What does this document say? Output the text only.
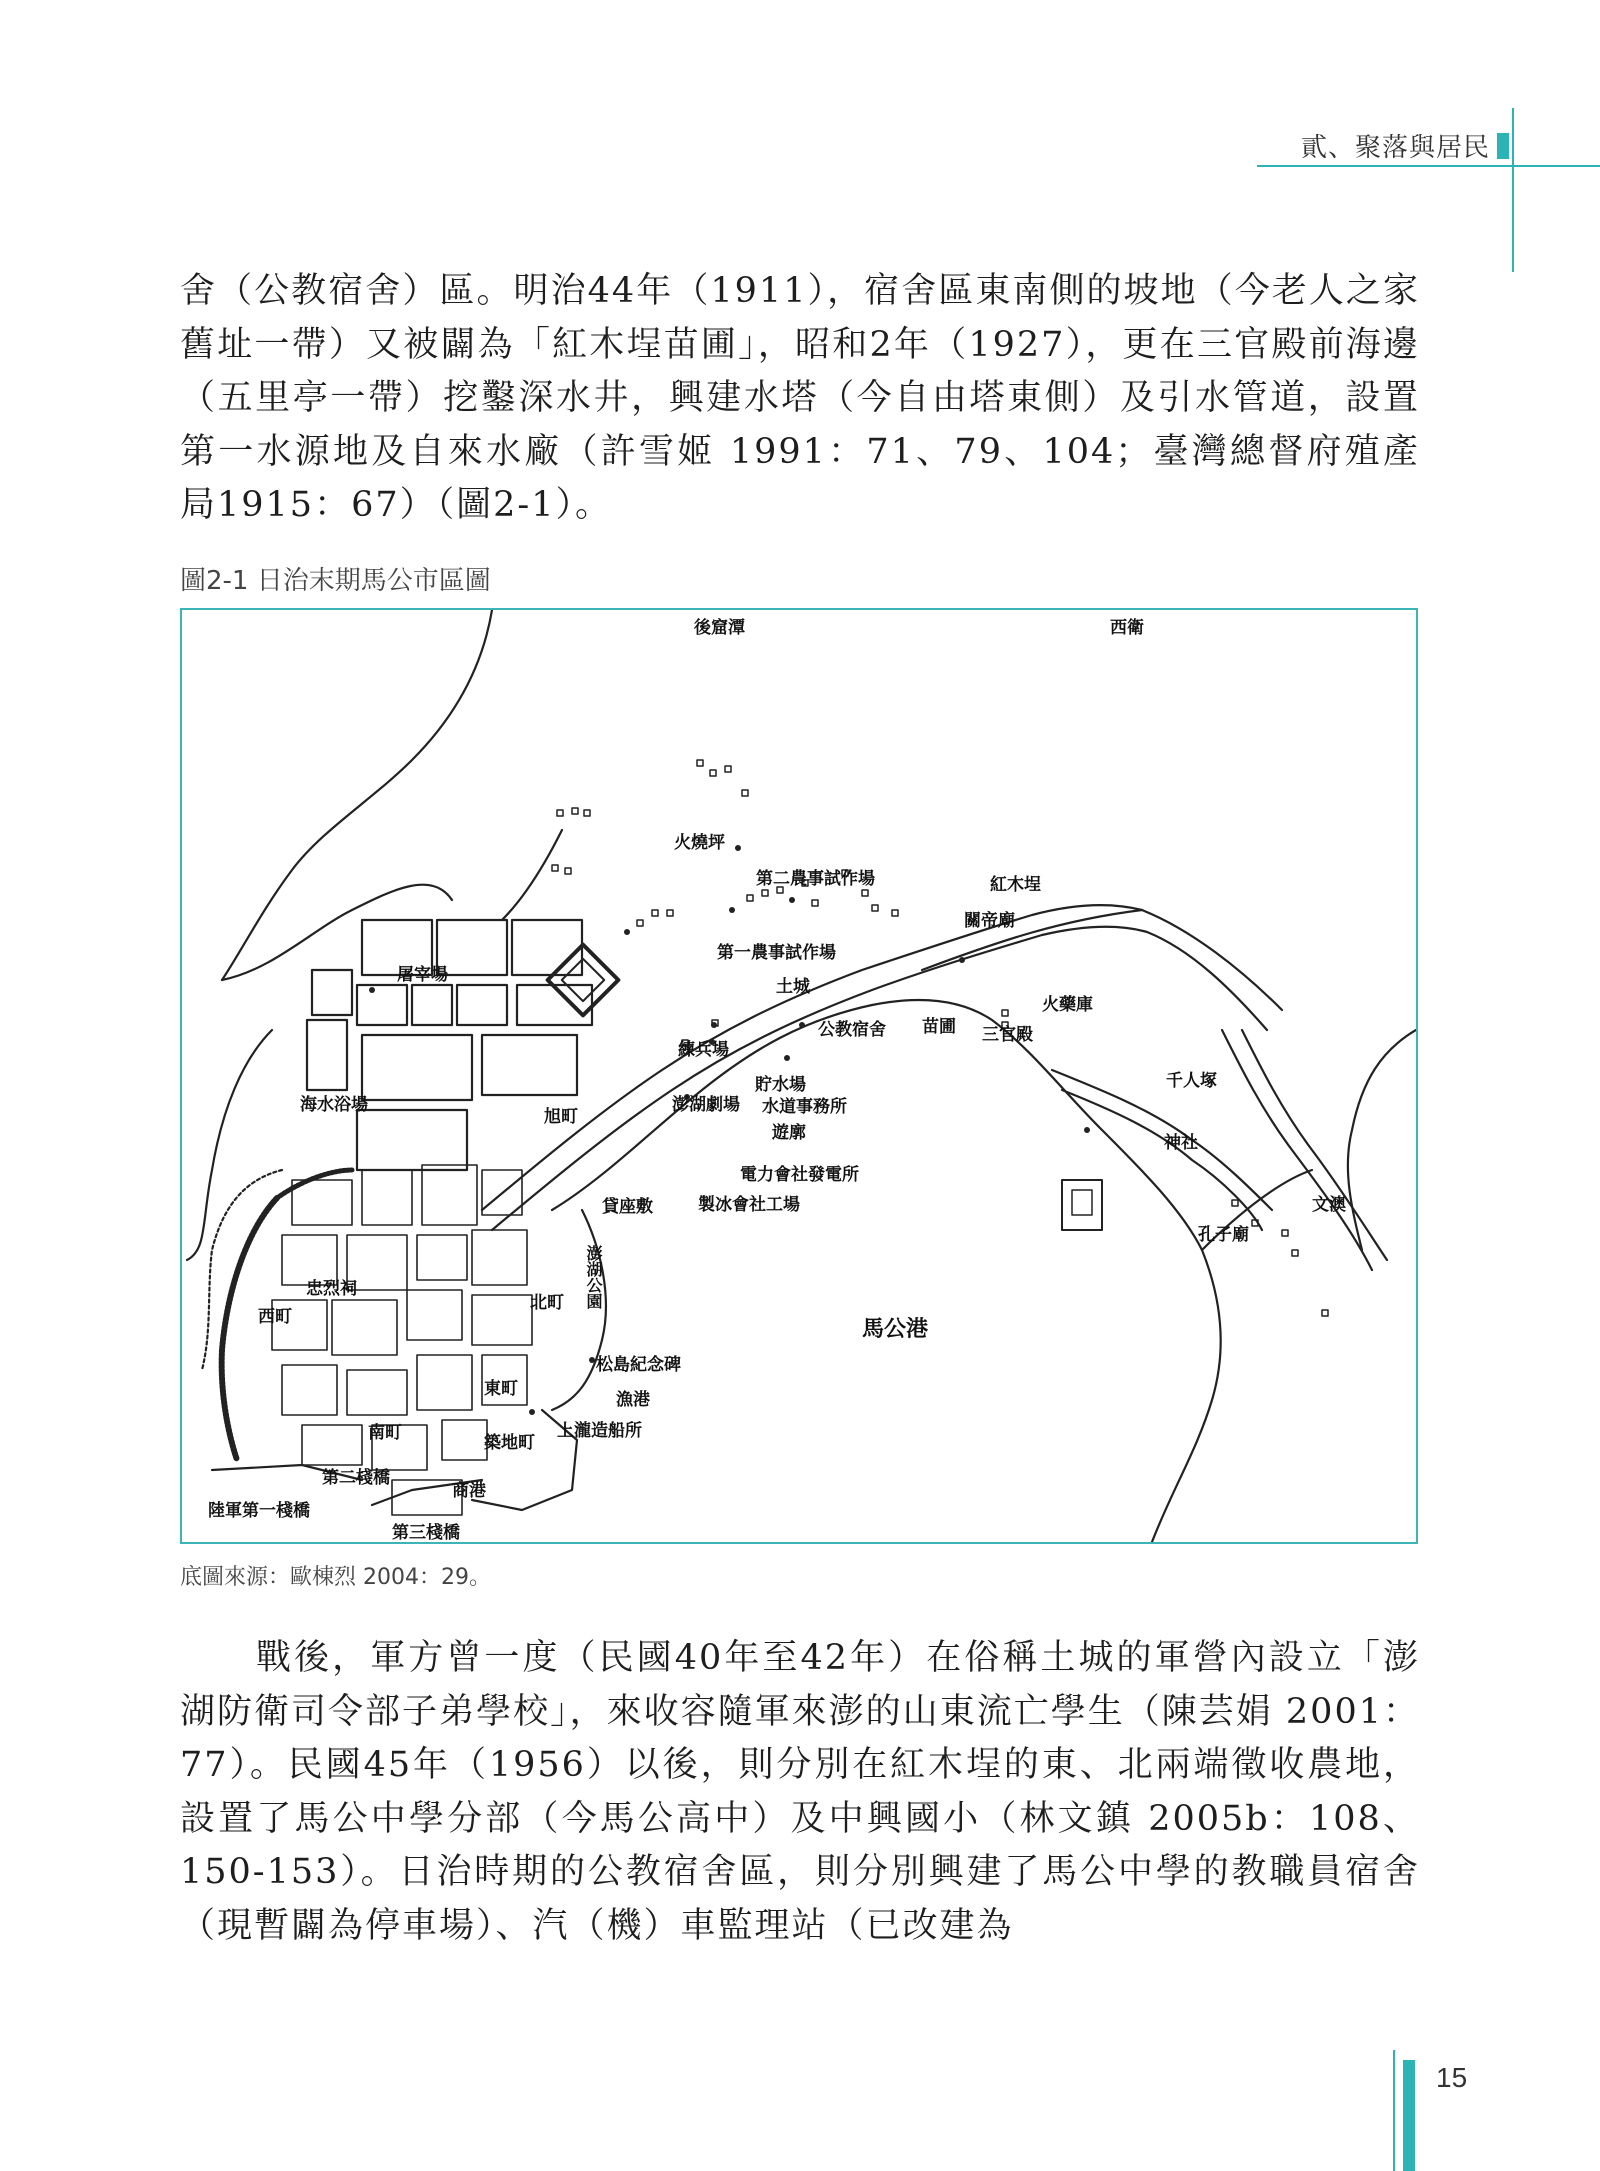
貳、聚落與居民

舍（公教宿舍）區。明治44年（1911），宿舍區東南側的坡地（今老人之家舊址一帶）又被闢為「紅木埕苗圃」，昭和2年（1927），更在三官殿前海邊（五里亭一帶）挖鑿深水井，興建水塔（今自由塔東側）及引水管道，設置第一水源地及自來水廠（許雪姬 1991：71、79、104；臺灣總督府殖產局1915：67）（圖2-1）。

圖2-1 日治末期馬公市區圖
後窟潭	西衛
火燒坪
第二農事試作場	紅木埕
關帝廟
第一農事試作場
土城
屠宰場
火藥庫
公教宿舍 苗圃 三官殿
練兵場
貯水場
澎湖劇場 水道事務所
千人塚
海水浴場
旭町
遊廓	神社
電力會社發電所
製冰會社工場
貸座敷	文澳
孔子廟
忠烈祠
北町 澎湖公園
西町	馬公港
松島紀念碑
東町
漁港
南町	築地町
上瀧造船所
第二棧橋
商港
陸軍第一棧橋
第三棧橋
底圖來源：歐棟烈 2004：29。

戰後，軍方曾一度（民國40年至42年）在俗稱土城的軍營內設立「澎湖防衛司令部子弟學校」，來收容隨軍來澎的山東流亡學生（陳芸娟 2001：77）。民國45年（1956）以後，則分別在紅木埕的東、北兩端徵收農地，設置了馬公中學分部（今馬公高中）及中興國小（林文鎮 2005b：108、150-153）。日治時期的公教宿舍區，則分別興建了馬公中學的教職員宿舍（現暫闢為停車場）、汽（機）車監理站（已改建為

15
